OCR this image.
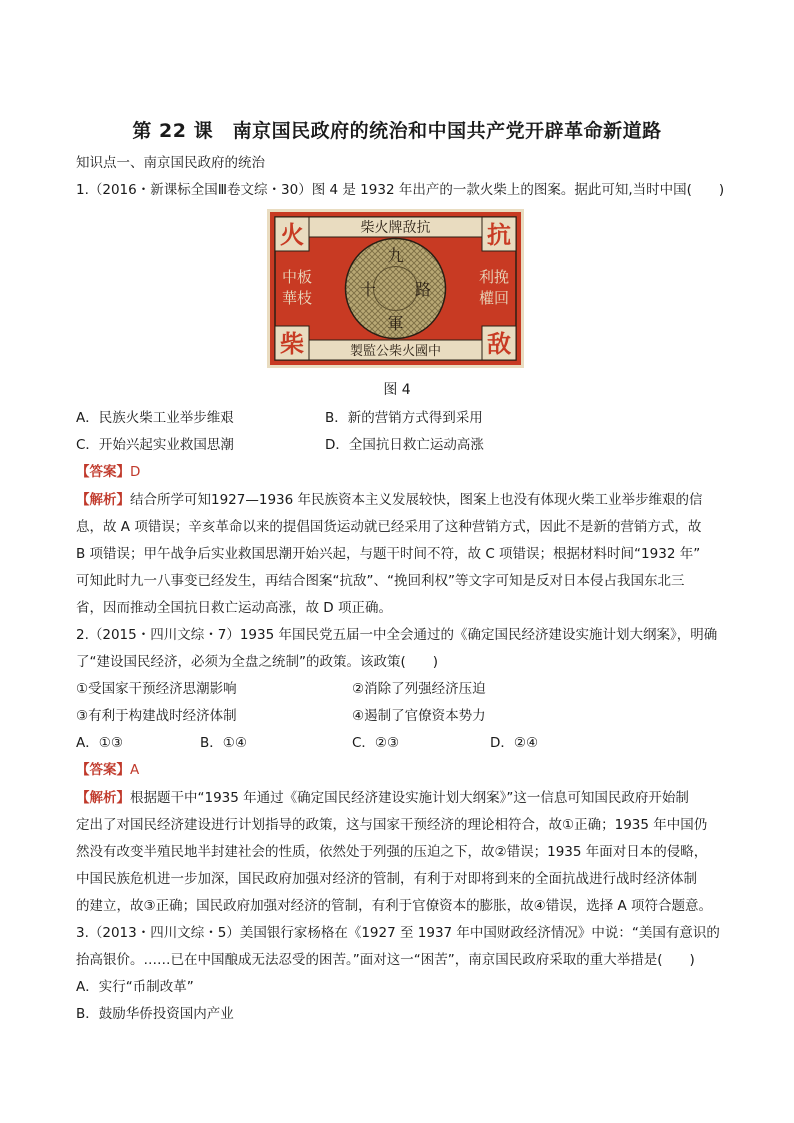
第 22 课　南京国民政府的统治和中国共产党开辟革命新道路
知识点一、南京国民政府的统治
1.（2016・新课标全国Ⅲ卷文综・30）图 4 是 1932 年出产的一款火柴上的图案。据此可知,当时中国(　　)
柴火牌敌抗
製監公柴火國中
火	抗
柴	敌
中板
華枝
利挽
權回
九
十 路
軍
图 4
A．民族火柴工业举步维艰	B．新的营销方式得到采用
C．开始兴起实业救国思潮	D．全国抗日救亡运动高涨
【答案】D
【解析】结合所学可知1927—1936 年民族资本主义发展较快，图案上也没有体现火柴工业举步维艰的信
息，故 A 项错误；辛亥革命以来的提倡国货运动就已经采用了这种营销方式，因此不是新的营销方式，故
B 项错误；甲午战争后实业救国思潮开始兴起，与题干时间不符，故 C 项错误；根据材料时间“1932 年”
可知此时九一八事变已经发生，再结合图案“抗敌”、“挽回利权”等文字可知是反对日本侵占我国东北三
省，因而推动全国抗日救亡运动高涨，故 D 项正确。
2.（2015・四川文综・7）1935 年国民党五届一中全会通过的《确定国民经济建设实施计划大纲案》，明确
了“建设国民经济，必须为全盘之统制”的政策。该政策(　　)
①受国家干预经济思潮影响	②消除了列强经济压迫
③有利于构建战时经济体制	④遏制了官僚资本势力
A．①③	B．①④	C．②③	D．②④
【答案】A
【解析】根据题干中“1935 年通过《确定国民经济建设实施计划大纲案》”这一信息可知国民政府开始制
定出了对国民经济建设进行计划指导的政策，这与国家干预经济的理论相符合，故①正确；1935 年中国仍
然没有改变半殖民地半封建社会的性质，依然处于列强的压迫之下，故②错误；1935 年面对日本的侵略，
中国民族危机进一步加深，国民政府加强对经济的管制，有利于对即将到来的全面抗战进行战时经济体制
的建立，故③正确；国民政府加强对经济的管制，有利于官僚资本的膨胀，故④错误，选择 A 项符合题意。
3.（2013・四川文综・5）美国银行家杨格在《1927 至 1937 年中国财政经济情况》中说：“美国有意识的
抬高银价。……已在中国酿成无法忍受的困苦。”面对这一“困苦”，南京国民政府采取的重大举措是(　　)
A．实行“币制改革”
B．鼓励华侨投资国内产业
